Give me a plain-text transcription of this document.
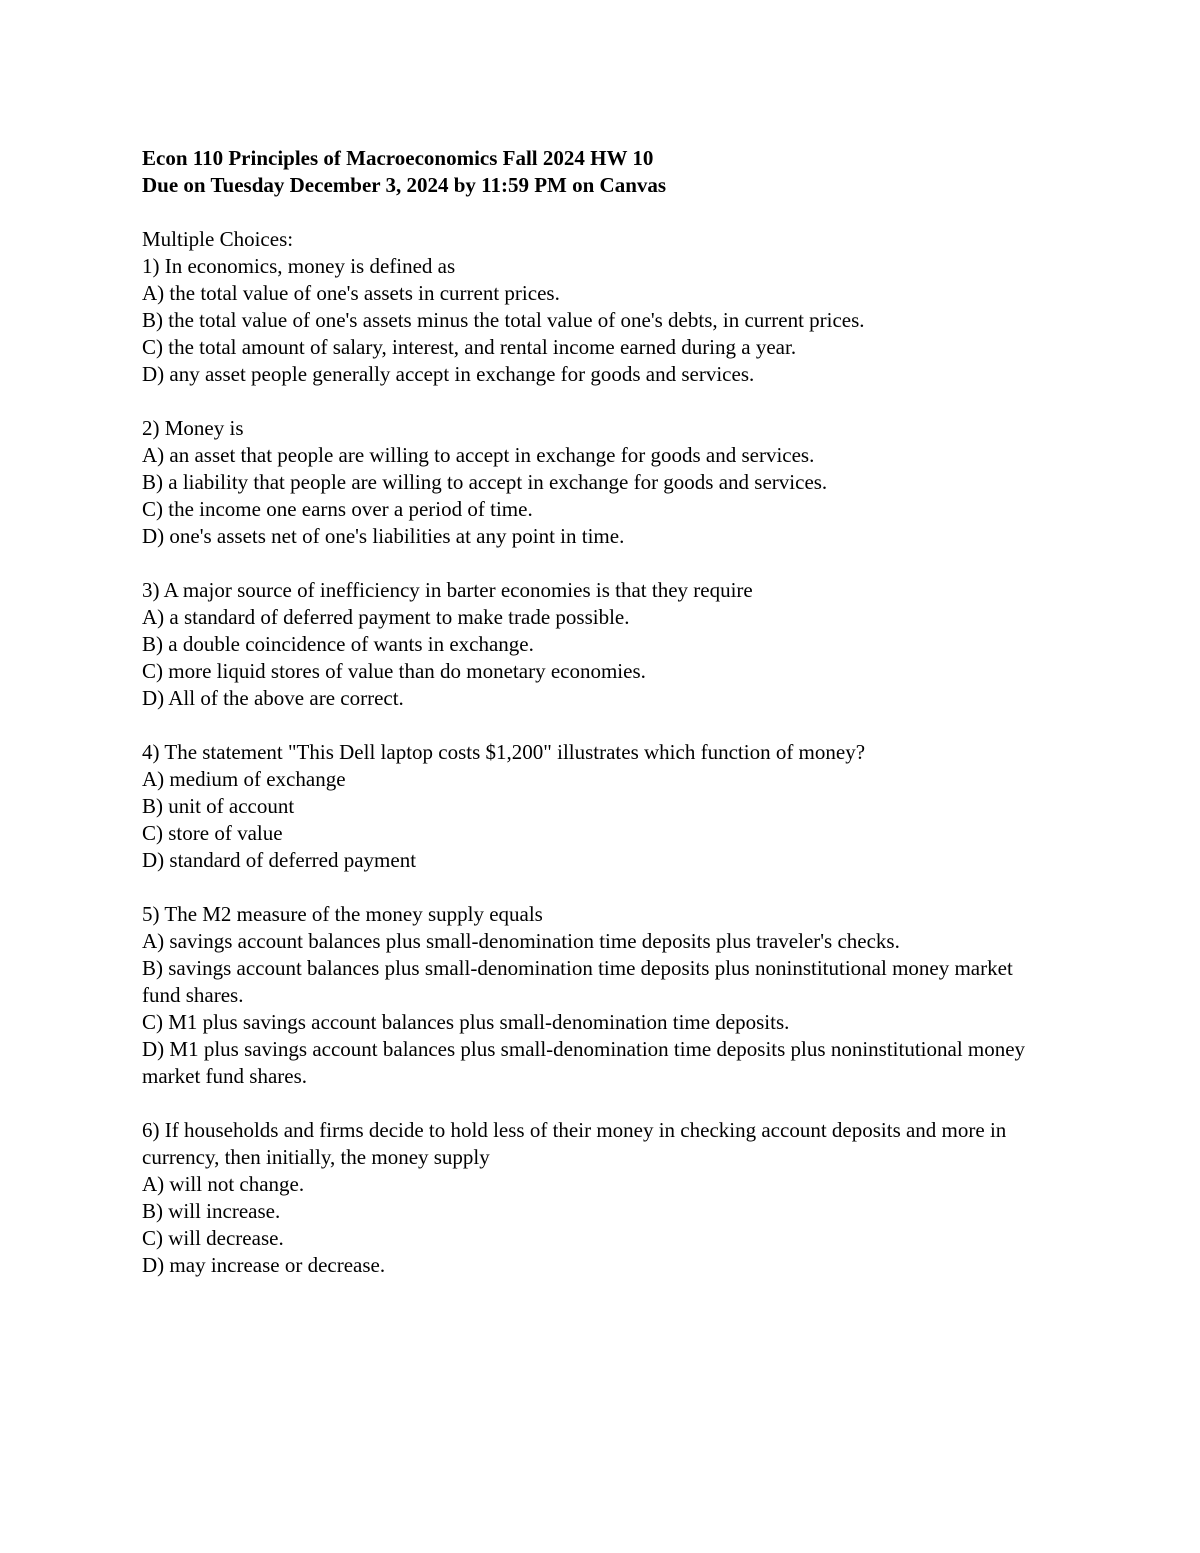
Econ 110 Principles of Macroeconomics Fall 2024 HW 10
Due on Tuesday December 3, 2024 by 11:59 PM on Canvas
Multiple Choices:
1) In economics, money is defined as
A) the total value of one's assets in current prices.
B) the total value of one's assets minus the total value of one's debts, in current prices.
C) the total amount of salary, interest, and rental income earned during a year.
D) any asset people generally accept in exchange for goods and services.
2) Money is
A) an asset that people are willing to accept in exchange for goods and services.
B) a liability that people are willing to accept in exchange for goods and services.
C) the income one earns over a period of time.
D) one's assets net of one's liabilities at any point in time.
3) A major source of inefficiency in barter economies is that they require
A) a standard of deferred payment to make trade possible.
B) a double coincidence of wants in exchange.
C) more liquid stores of value than do monetary economies.
D) All of the above are correct.
4) The statement "This Dell laptop costs $1,200" illustrates which function of money?
A) medium of exchange
B) unit of account
C) store of value
D) standard of deferred payment
5) The M2 measure of the money supply equals
A) savings account balances plus small-denomination time deposits plus traveler's checks.
B) savings account balances plus small-denomination time deposits plus noninstitutional money market fund shares.
C) M1 plus savings account balances plus small-denomination time deposits.
D) M1 plus savings account balances plus small-denomination time deposits plus noninstitutional money market fund shares.
6) If households and firms decide to hold less of their money in checking account deposits and more in currency, then initially, the money supply
A) will not change.
B) will increase.
C) will decrease.
D) may increase or decrease.
